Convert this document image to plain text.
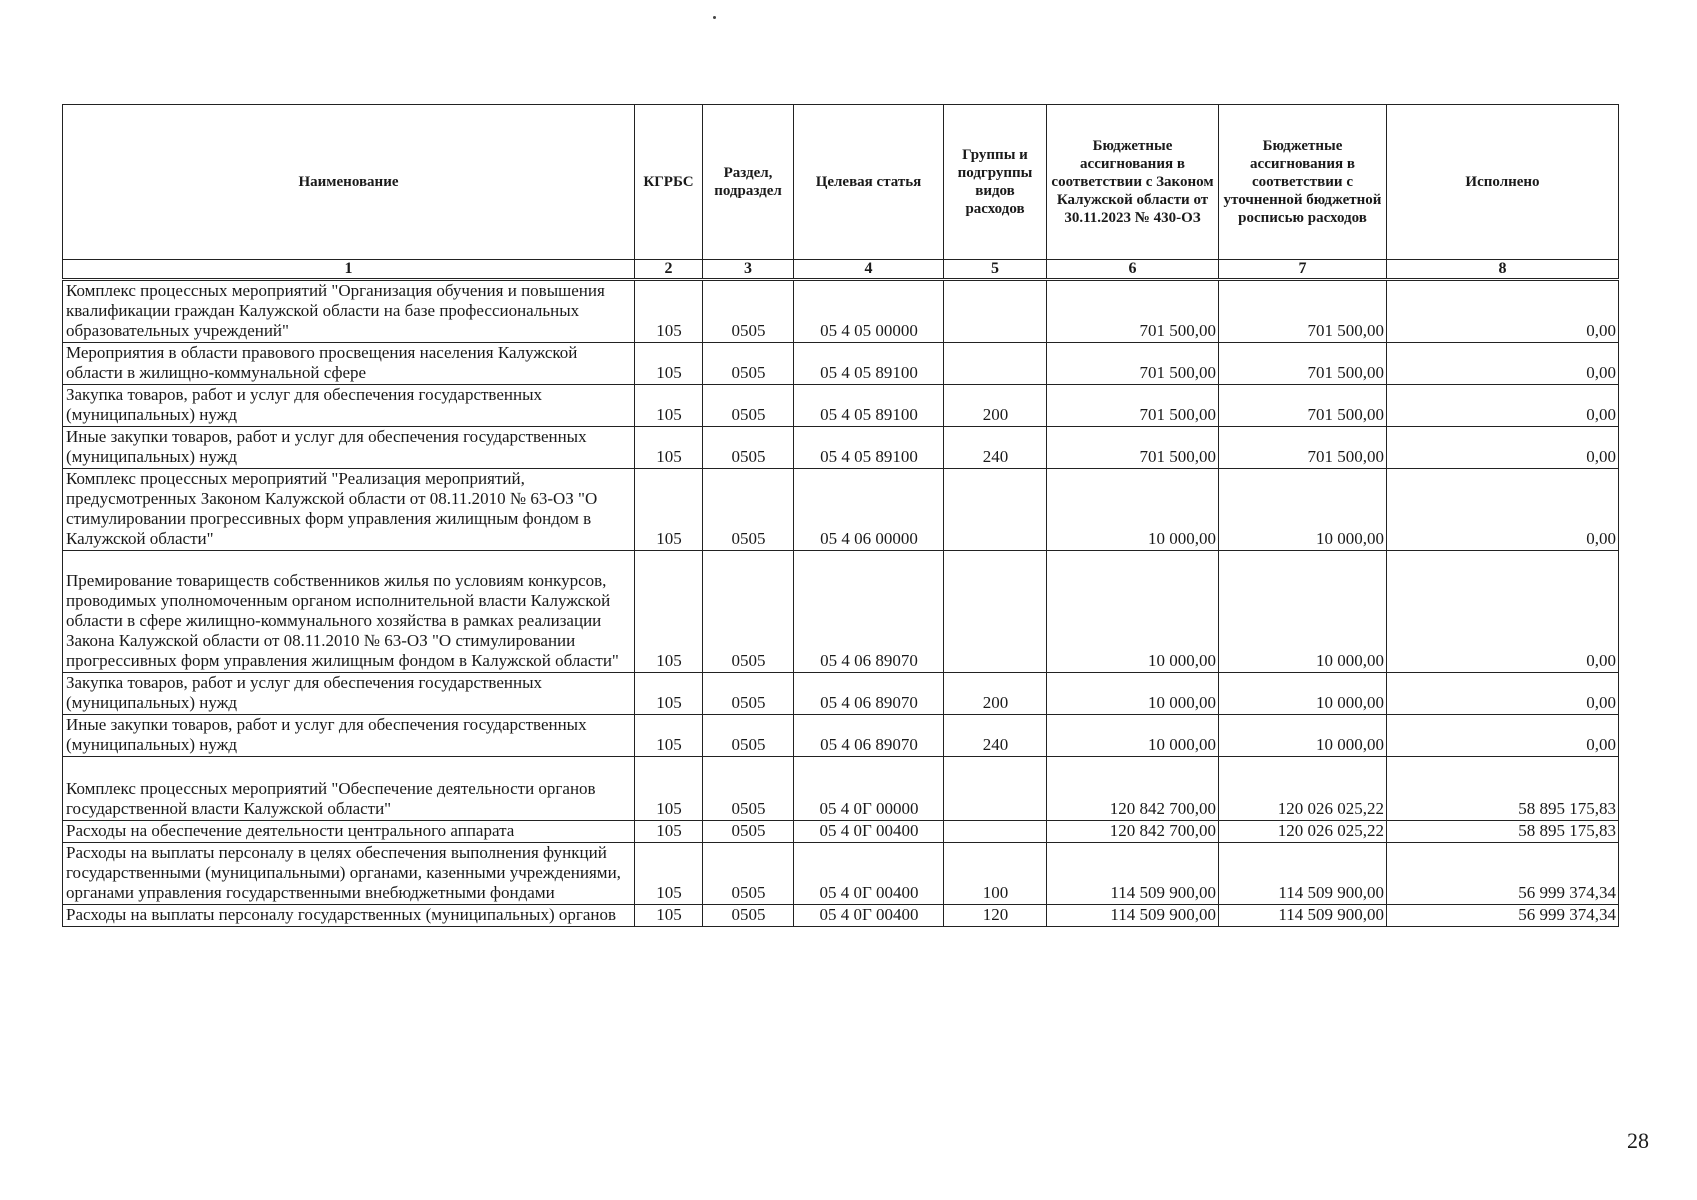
Наименование	КГРБС	Раздел, подраздел	Целевая статья	Группы и подгруппы видов расходов	Бюджетные ассигнования в соответствии с Законом Калужской области от 30.11.2023 № 430-ОЗ	Бюджетные ассигнования в соответствии с уточненной бюджетной росписью расходов	Исполнено
1	2	3	4	5	6	7	8
Комплекс процессных мероприятий "Организация обучения и повышения квалификации граждан Калужской области на базе профессиональных образовательных учреждений"	105	0505	05 4 05 00000		701 500,00	701 500,00	0,00
Мероприятия в области правового просвещения населения Калужской области в жилищно-коммунальной сфере	105	0505	05 4 05 89100		701 500,00	701 500,00	0,00
Закупка товаров, работ и услуг для обеспечения государственных (муниципальных) нужд	105	0505	05 4 05 89100	200	701 500,00	701 500,00	0,00
Иные закупки товаров, работ и услуг для обеспечения государственных (муниципальных) нужд	105	0505	05 4 05 89100	240	701 500,00	701 500,00	0,00
Комплекс процессных мероприятий "Реализация мероприятий, предусмотренных Законом Калужской области от 08.11.2010 № 63-ОЗ "О стимулировании прогрессивных форм управления жилищным фондом в Калужской области"	105	0505	05 4 06 00000		10 000,00	10 000,00	0,00
Премирование товариществ собственников жилья по условиям конкурсов, проводимых уполномоченным органом исполнительной власти Калужской области в сфере жилищно-коммунального хозяйства в рамках реализации Закона Калужской области от 08.11.2010 № 63-ОЗ "О стимулировании прогрессивных форм управления жилищным фондом в Калужской области"	105	0505	05 4 06 89070		10 000,00	10 000,00	0,00
Закупка товаров, работ и услуг для обеспечения государственных (муниципальных) нужд	105	0505	05 4 06 89070	200	10 000,00	10 000,00	0,00
Иные закупки товаров, работ и услуг для обеспечения государственных (муниципальных) нужд	105	0505	05 4 06 89070	240	10 000,00	10 000,00	0,00
Комплекс процессных мероприятий "Обеспечение деятельности органов государственной власти Калужской области"	105	0505	05 4 0Г 00000		120 842 700,00	120 026 025,22	58 895 175,83
Расходы на обеспечение деятельности центрального аппарата	105	0505	05 4 0Г 00400		120 842 700,00	120 026 025,22	58 895 175,83
Расходы на выплаты персоналу в целях обеспечения выполнения функций государственными (муниципальными) органами, казенными учреждениями, органами управления государственными внебюджетными фондами	105	0505	05 4 0Г 00400	100	114 509 900,00	114 509 900,00	56 999 374,34
Расходы на выплаты персоналу государственных (муниципальных) органов	105	0505	05 4 0Г 00400	120	114 509 900,00	114 509 900,00	56 999 374,34
28
